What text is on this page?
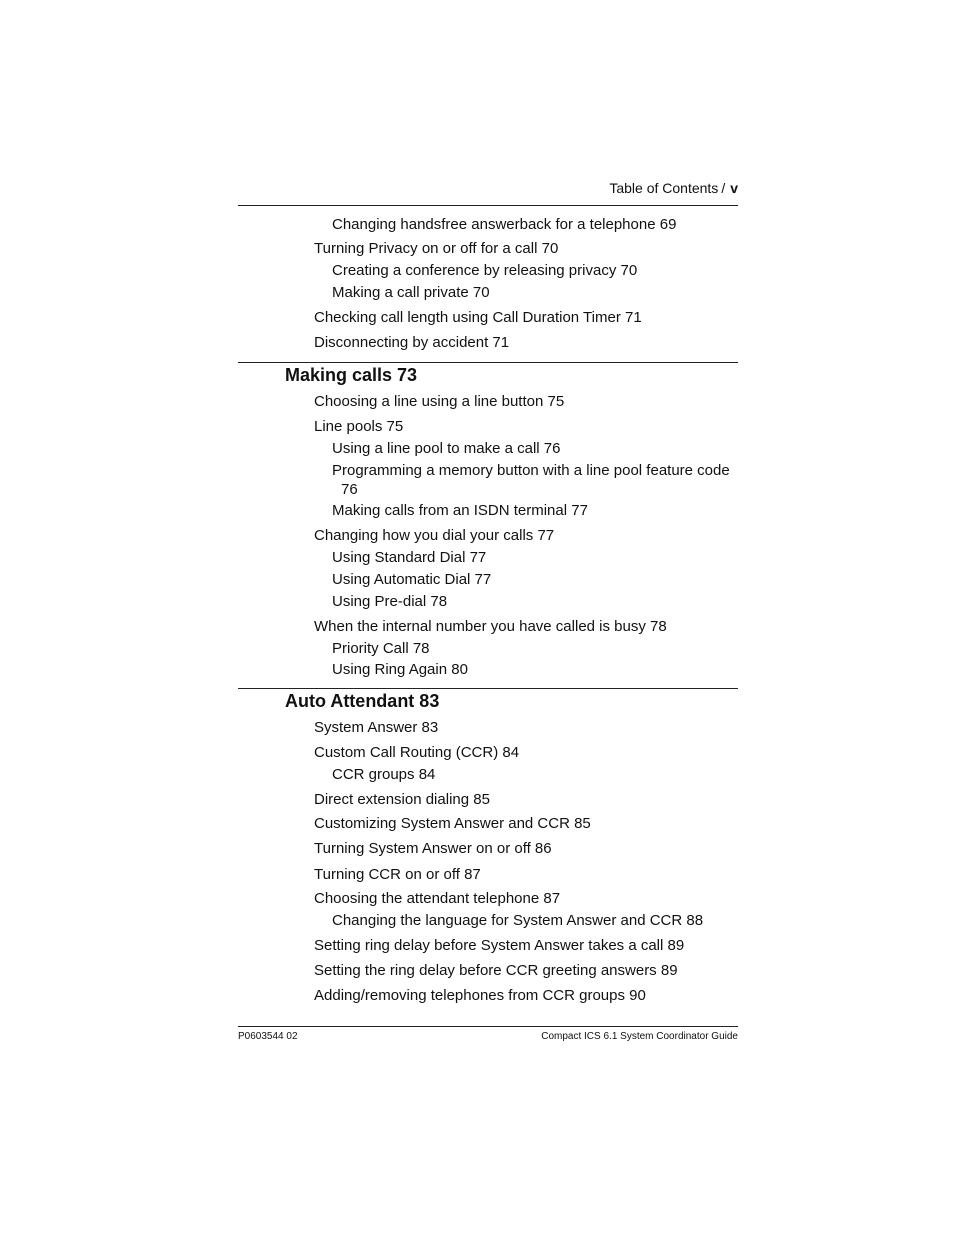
Table of Contents / v
Changing handsfree answerback for a telephone 69
Turning Privacy on or off for a call 70
Creating a conference by releasing privacy 70
Making a call private 70
Checking call length using Call Duration Timer 71
Disconnecting by accident 71
Making calls 73
Choosing a line using a line button 75
Line pools 75
Using a line pool to make a call 76
Programming a memory button with a line pool feature code
76
Making calls from an ISDN terminal 77
Changing how you dial your calls 77
Using Standard Dial 77
Using Automatic Dial 77
Using Pre-dial 78
When the internal number you have called is busy 78
Priority Call 78
Using Ring Again 80
Auto Attendant 83
System Answer 83
Custom Call Routing (CCR) 84
CCR groups 84
Direct extension dialing 85
Customizing System Answer and CCR 85
Turning System Answer on or off 86
Turning CCR on or off 87
Choosing the attendant telephone 87
Changing the language for System Answer and CCR 88
Setting ring delay before System Answer takes a call 89
Setting the ring delay before CCR greeting answers 89
Adding/removing telephones from CCR groups 90
P0603544 02	Compact ICS 6.1 System Coordinator Guide
